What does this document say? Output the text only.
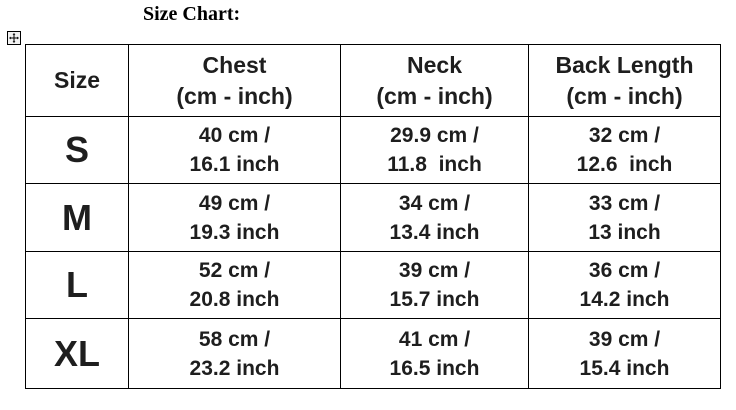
Size Chart:
Size

Chest
(cm - inch)

Neck
(cm - inch)

Back Length
(cm - inch)

S	40 cm /
16.1 inch

29.9 cm /
11.8  inch

32 cm /
12.6  inch

M	49 cm /
19.3 inch

34 cm /
13.4 inch

33 cm /
13 inch

L	52 cm /
20.8 inch

39 cm /
15.7 inch

36 cm /
14.2 inch

XL	58 cm /
23.2 inch

41 cm /
16.5 inch

39 cm /
15.4 inch
